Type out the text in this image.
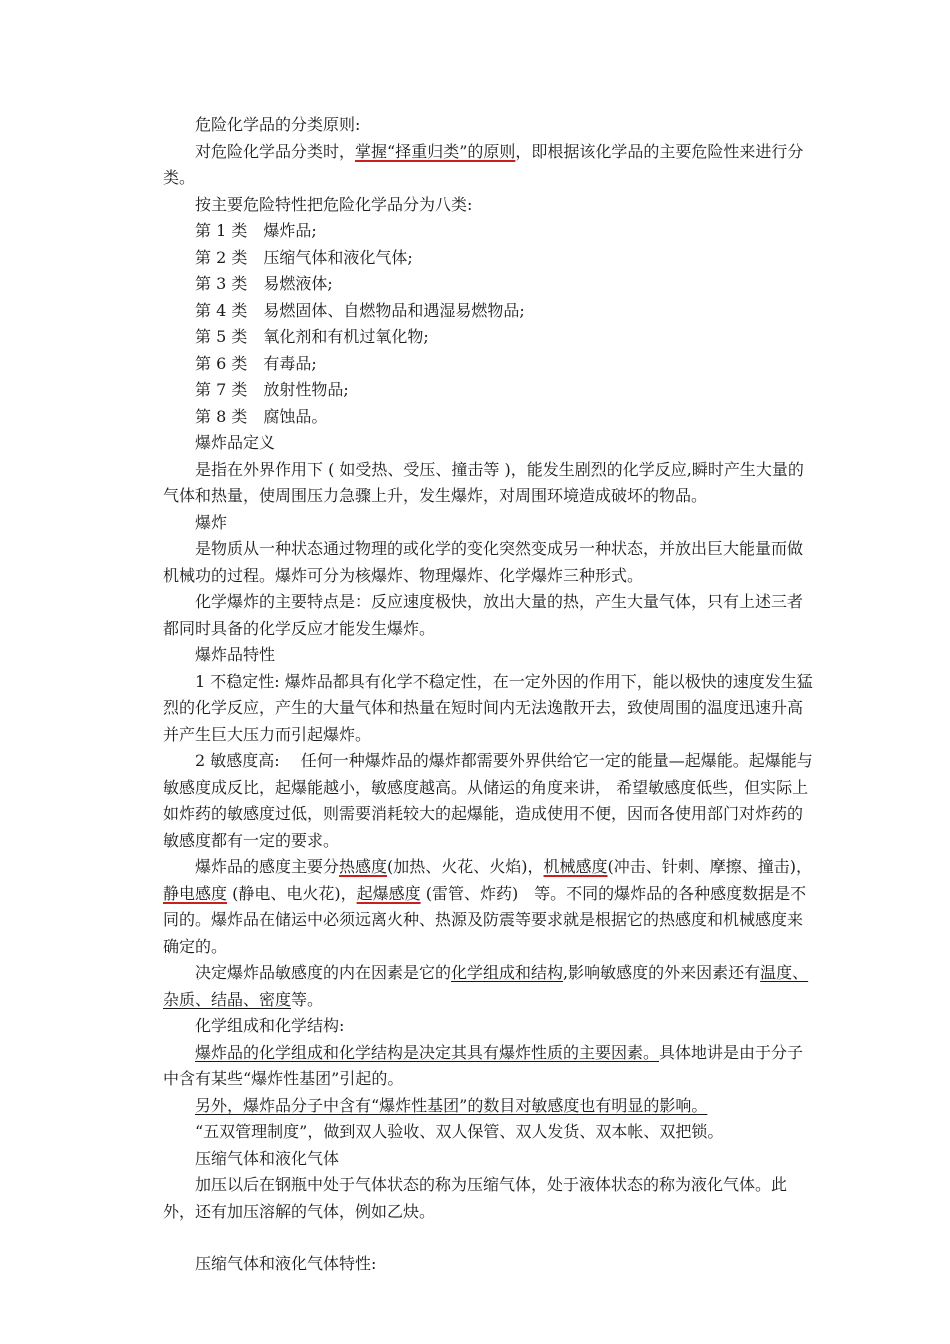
危险化学品的分类原则:

对危险化学品分类时，掌握“择重归类”的原则，即根据该化学品的主要危险性来进行分类。

按主要危险特性把危险化学品分为八类:

第 1 类　爆炸品;

第 2 类　压缩气体和液化气体;

第 3 类　易燃液体;

第 4 类　易燃固体、自燃物品和遇湿易燃物品;

第 5 类　氧化剂和有机过氧化物;

第 6 类　有毒品;

第 7 类　放射性物品;

第 8 类　腐蚀品。

爆炸品定义

是指在外界作用下 ( 如受热、受压、撞击等 )，能发生剧烈的化学反应,瞬时产生大量的气体和热量，使周围压力急骤上升，发生爆炸，对周围环境造成破坏的物品。

爆炸

是物质从一种状态通过物理的或化学的变化突然变成另一种状态，并放出巨大能量而做机械功的过程。爆炸可分为核爆炸、物理爆炸、化学爆炸三种形式。

化学爆炸的主要特点是：反应速度极快，放出大量的热，产生大量气体，只有上述三者都同时具备的化学反应才能发生爆炸。

爆炸品特性

1 不稳定性: 爆炸品都具有化学不稳定性，在一定外因的作用下，能以极快的速度发生猛烈的化学反应，产生的大量气体和热量在短时间内无法逸散开去，致使周围的温度迅速升高并产生巨大压力而引起爆炸。

2 敏感度高:　 任何一种爆炸品的爆炸都需要外界供给它一定的能量—起爆能。起爆能与敏感度成反比，起爆能越小，敏感度越高。从储运的角度来讲， 希望敏感度低些，但实际上如炸药的敏感度过低，则需要消耗较大的起爆能，造成使用不便，因而各使用部门对炸药的敏感度都有一定的要求。

爆炸品的感度主要分热感度(加热、火花、火焰)，机械感度(冲击、针刺、摩擦、撞击)，静电感度 (静电、电火花)，起爆感度 (雷管、炸药)　等。不同的爆炸品的各种感度数据是不同的。爆炸品在储运中必须远离火种、热源及防震等要求就是根据它的热感度和机械感度来确定的。

决定爆炸品敏感度的内在因素是它的化学组成和结构,影响敏感度的外来因素还有温度、杂质、结晶、密度等。

化学组成和化学结构:

爆炸品的化学组成和化学结构是决定其具有爆炸性质的主要因素。具体地讲是由于分子中含有某些“爆炸性基团”引起的。

另外，爆炸品分子中含有“爆炸性基团”的数目对敏感度也有明显的影响。

“五双管理制度”，做到双人验收、双人保管、双人发货、双本帐、双把锁。

压缩气体和液化气体

加压以后在钢瓶中处于气体状态的称为压缩气体，处于液体状态的称为液化气体。此外，还有加压溶解的气体，例如乙炔。

压缩气体和液化气体特性:
